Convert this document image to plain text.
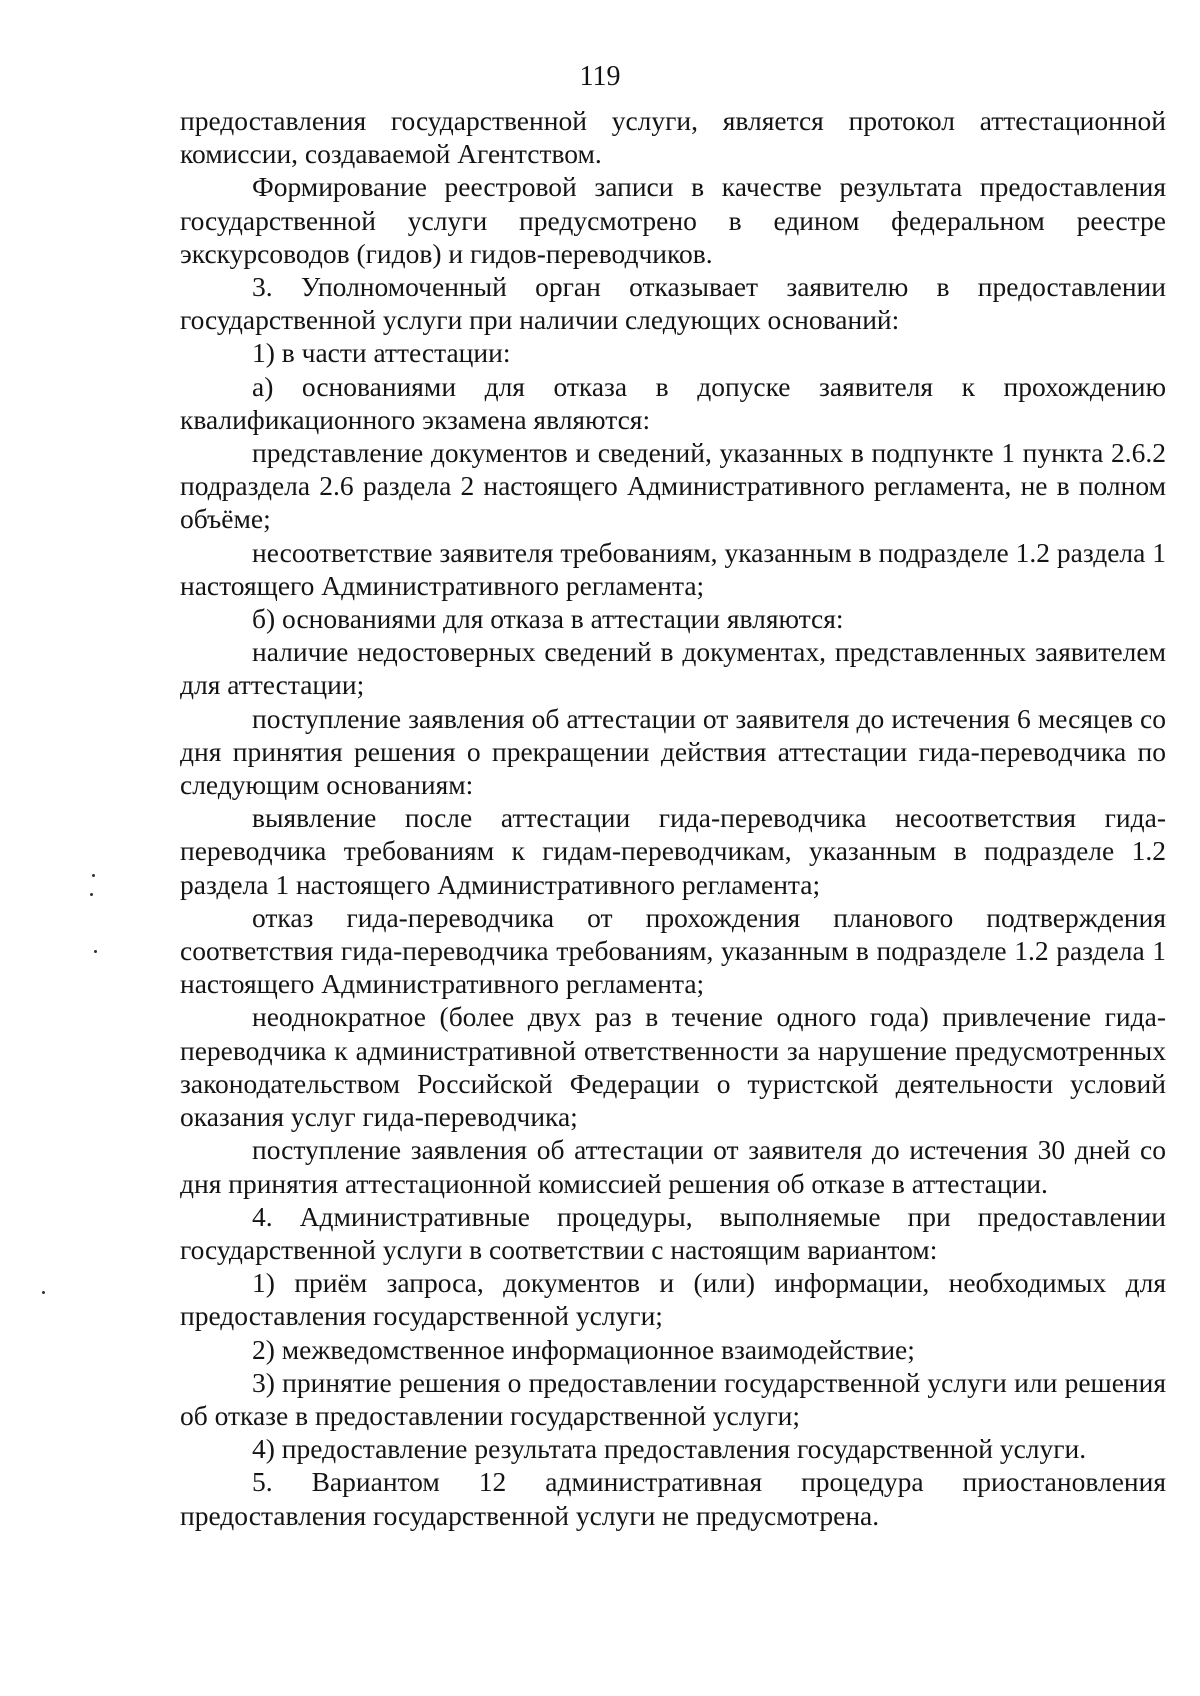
119

предоставления государственной услуги, является протокол аттестационной комиссии, создаваемой Агентством.

Формирование реестровой записи в качестве результата предоставления государственной услуги предусмотрено в едином федеральном реестре экскурсоводов (гидов) и гидов-переводчиков.

3. Уполномоченный орган отказывает заявителю в предоставлении государственной услуги при наличии следующих оснований:

1) в части аттестации:

а) основаниями для отказа в допуске заявителя к прохождению квалификационного экзамена являются:

представление документов и сведений, указанных в подпункте 1 пункта 2.6.2 подраздела 2.6 раздела 2 настоящего Административного регламента, не в полном объёме;

несоответствие заявителя требованиям, указанным в подразделе 1.2 раздела 1 настоящего Административного регламента;

б) основаниями для отказа в аттестации являются:

наличие недостоверных сведений в документах, представленных заявителем для аттестации;

поступление заявления об аттестации от заявителя до истечения 6 месяцев со дня принятия решения о прекращении действия аттестации гида-переводчика по следующим основаниям:

выявление после аттестации гида-переводчика несоответствия гида-переводчика требованиям к гидам-переводчикам, указанным в подразделе 1.2 раздела 1 настоящего Административного регламента;

отказ гида-переводчика от прохождения планового подтверждения соответствия гида-переводчика требованиям, указанным в подразделе 1.2 раздела 1 настоящего Административного регламента;

неоднократное (более двух раз в течение одного года) привлечение гида-переводчика к административной ответственности за нарушение предусмотренных законодательством Российской Федерации о туристской деятельности условий оказания услуг гида-переводчика;

поступление заявления об аттестации от заявителя до истечения 30 дней со дня принятия аттестационной комиссией решения об отказе в аттестации.

4. Административные процедуры, выполняемые при предоставлении государственной услуги в соответствии с настоящим вариантом:

1) приём запроса, документов и (или) информации, необходимых для предоставления государственной услуги;

2) межведомственное информационное взаимодействие;

3) принятие решения о предоставлении государственной услуги или решения об отказе в предоставлении государственной услуги;

4) предоставление результата предоставления государственной услуги.

5. Вариантом 12 административная процедура приостановления предоставления государственной услуги не предусмотрена.
